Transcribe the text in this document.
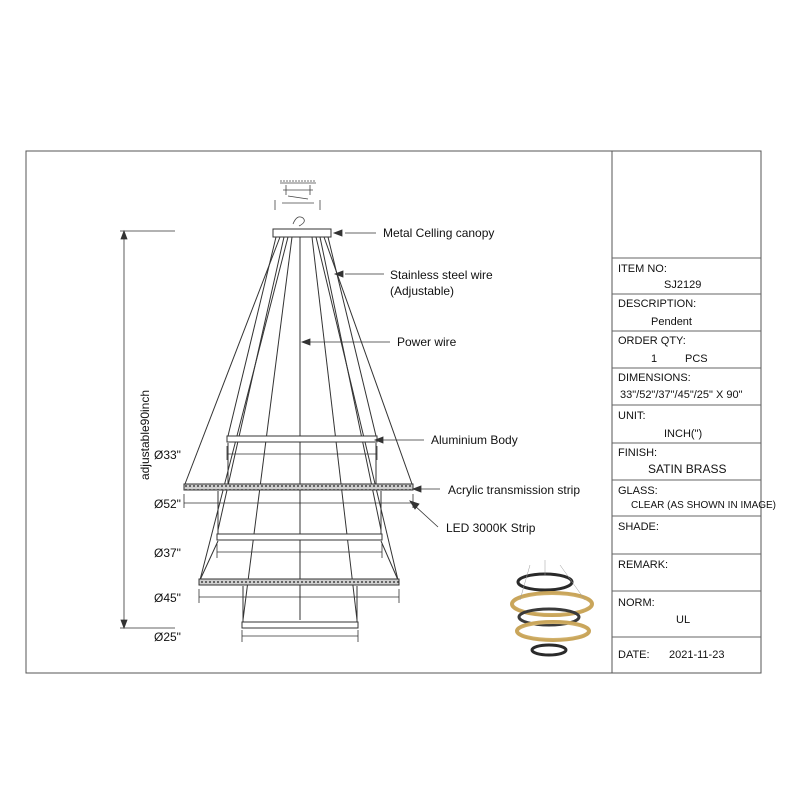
Metal Celling canopy
Stainless steel wire
(Adjustable)
Power wire
Aluminium Body
Acrylic transmission strip
LED 3000K Strip
adjustable90inch Ø33"
Ø52"
Ø37"
Ø45"
Ø25"
ITEM NO:
SJ2129
DESCRIPTION:
Pendent
ORDER QTY:
1	PCS
DIMENSIONS:
33"/52"/37"/45"/25" X 90"
UNIT:
INCH(")
FINISH:
SATIN BRASS
GLASS:
CLEAR (AS SHOWN IN IMAGE)
SHADE:
REMARK:
NORM:
UL
DATE: 2021-11-23
